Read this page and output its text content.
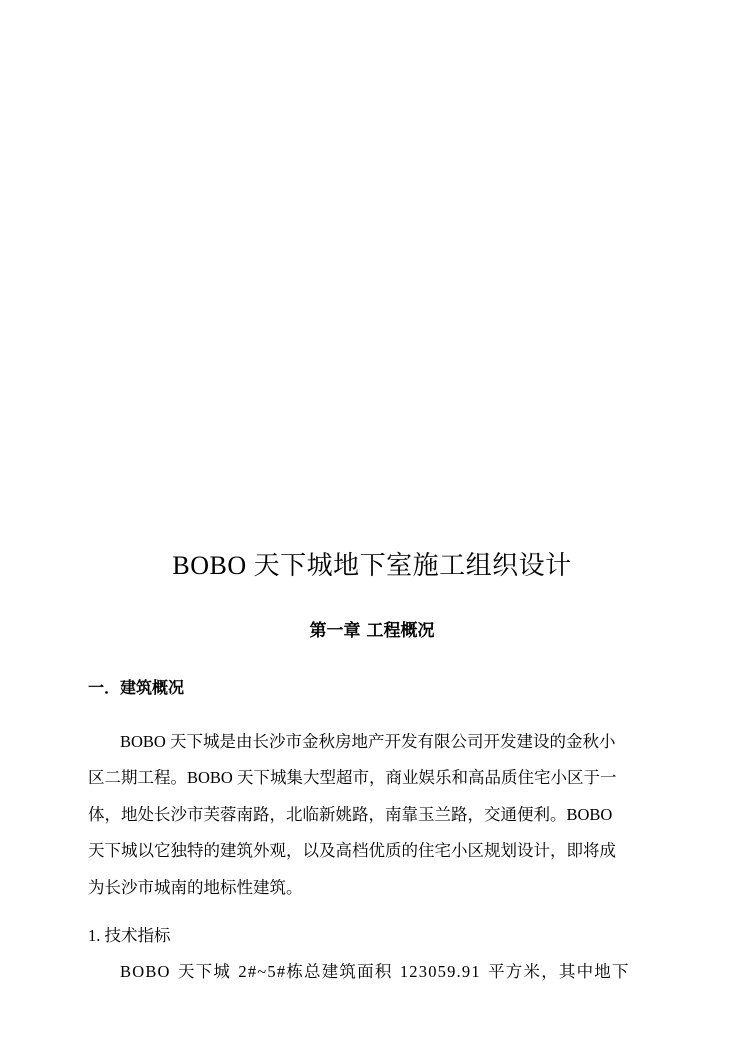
BOBO 天下城地下室施工组织设计
第一章 工程概况
一．建筑概况
BOBO 天下城是由长沙市金秋房地产开发有限公司开发建设的金秋小
区二期工程。BOBO 天下城集大型超市，商业娱乐和高品质住宅小区于一
体，地处长沙市芙蓉南路，北临新姚路，南靠玉兰路，交通便利。BOBO
天下城以它独特的建筑外观，以及高档优质的住宅小区规划设计，即将成
为长沙市城南的地标性建筑。
1. 技术指标
BOBO 天下城 2#~5#栋总建筑面积 123059.91 平方米，其中地下
